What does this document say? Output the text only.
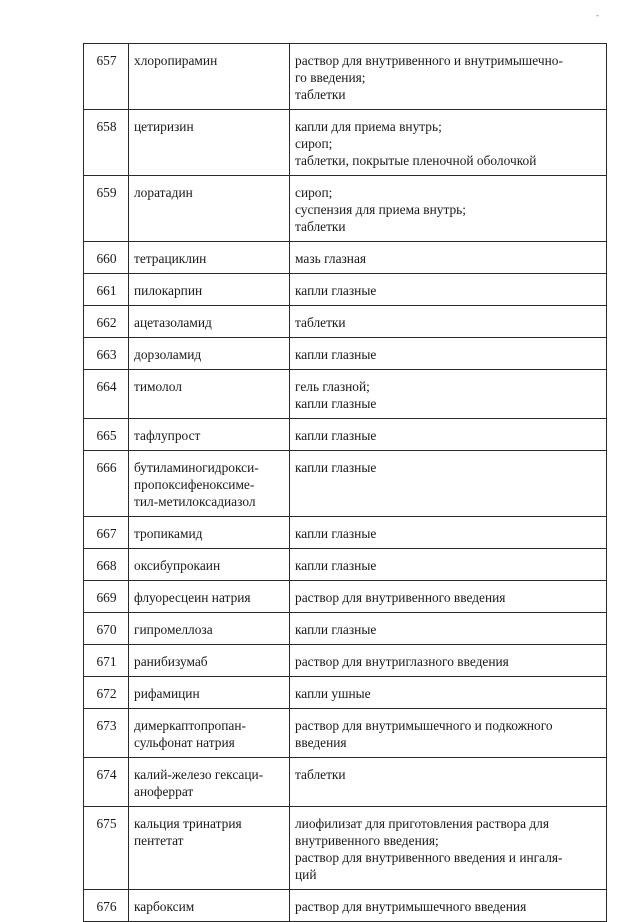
-
657	хлоропирамин	раствор для внутривенного и внутримышечно-
го введения;
таблетки
658	цетиризин	капли для приема внутрь;
сироп;
таблетки, покрытые пленочной оболочкой
659	лоратадин	сироп;
суспензия для приема внутрь;
таблетки
660	тетрациклин	мазь глазная
661	пилокарпин	капли глазные
662	ацетазоламид	таблетки
663	дорзоламид	капли глазные
664	тимолол	гель глазной;
капли глазные
665	тафлупрост	капли глазные
666	бутиламиногидрокси-
пропоксифеноксиме-
тил-метилоксадиазол	капли глазные
667	тропикамид	капли глазные
668	оксибупрокаин	капли глазные
669	флуоресцеин натрия	раствор для внутривенного введения
670	гипромеллоза	капли глазные
671	ранибизумаб	раствор для внутриглазного введения
672	рифамицин	капли ушные
673	димеркаптопропан-
сульфонат натрия	раствор для внутримышечного и подкожного
введения
674	калий-железо гексаци-
аноферрат	таблетки
675	кальция тринатрия
пентетат	лиофилизат для приготовления раствора для
внутривенного введения;
раствор для внутривенного введения и ингаля-
ций
676	карбоксим	раствор для внутримышечного введения
